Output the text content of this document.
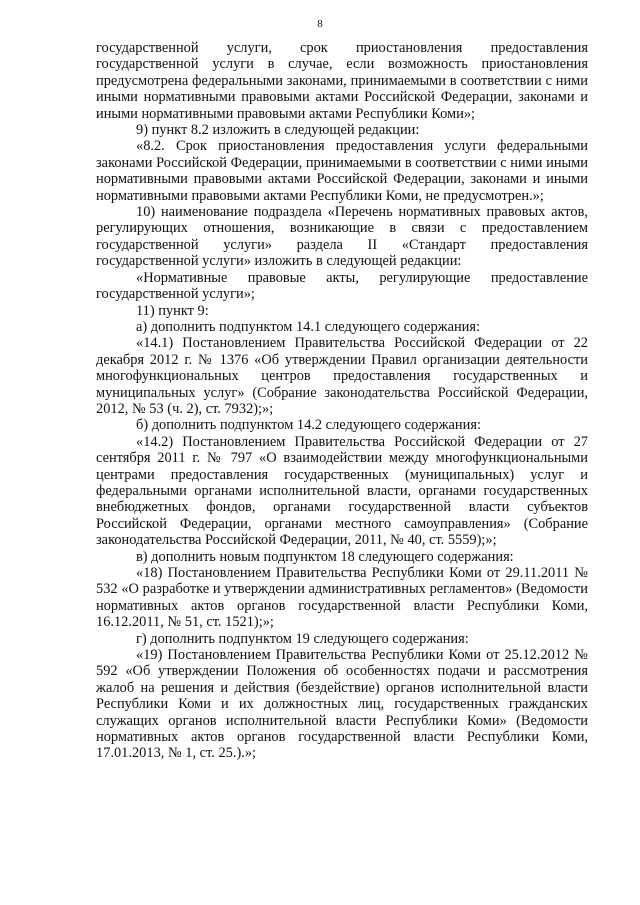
8

государственной услуги, срок приостановления предоставления государственной услуги в случае, если возможность приостановления предусмотрена федеральными законами, принимаемыми в соответствии с ними иными нормативными правовыми актами Российской Федерации, законами и иными нормативными правовыми актами Республики Коми»;

9) пункт 8.2 изложить в следующей редакции:

«8.2. Срок приостановления предоставления услуги федеральными законами Российской Федерации, принимаемыми в соответствии с ними иными нормативными правовыми актами Российской Федерации, законами и иными нормативными правовыми актами Республики Коми, не предусмотрен.»;

10) наименование подраздела «Перечень нормативных правовых актов, регулирующих отношения, возникающие в связи с предоставлением государственной услуги» раздела II «Стандарт предоставления государственной услуги» изложить в следующей редакции:

«Нормативные правовые акты, регулирующие предоставление государственной услуги»;

11) пункт 9:

а) дополнить подпунктом 14.1 следующего содержания:

«14.1) Постановлением Правительства Российской Федерации от 22 декабря 2012 г. № 1376 «Об утверждении Правил организации деятельности многофункциональных центров предоставления государственных и муниципальных услуг» (Собрание законодательства Российской Федерации, 2012, № 53 (ч. 2), ст. 7932);»;

б) дополнить подпунктом 14.2 следующего содержания:

«14.2) Постановлением Правительства Российской Федерации от 27 сентября 2011 г. № 797 «О взаимодействии между многофункциональными центрами предоставления государственных (муниципальных) услуг и федеральными органами исполнительной власти, органами государственных внебюджетных фондов, органами государственной власти субъектов Российской Федерации, органами местного самоуправления» (Собрание законодательства Российской Федерации, 2011, № 40, ст. 5559);»;

в) дополнить новым подпунктом 18 следующего содержания:

«18) Постановлением Правительства Республики Коми от 29.11.2011 № 532 «О разработке и утверждении административных регламентов» (Ведомости нормативных актов органов государственной власти Республики Коми, 16.12.2011, № 51, ст. 1521);»;

г) дополнить подпунктом 19 следующего содержания:

«19) Постановлением Правительства Республики Коми от 25.12.2012 № 592 «Об утверждении Положения об особенностях подачи и рассмотрения жалоб на решения и действия (бездействие) органов исполнительной власти Республики Коми и их должностных лиц, государственных гражданских служащих органов исполнительной власти Республики Коми» (Ведомости нормативных актов органов государственной власти Республики Коми, 17.01.2013, № 1, ст. 25.).»;
